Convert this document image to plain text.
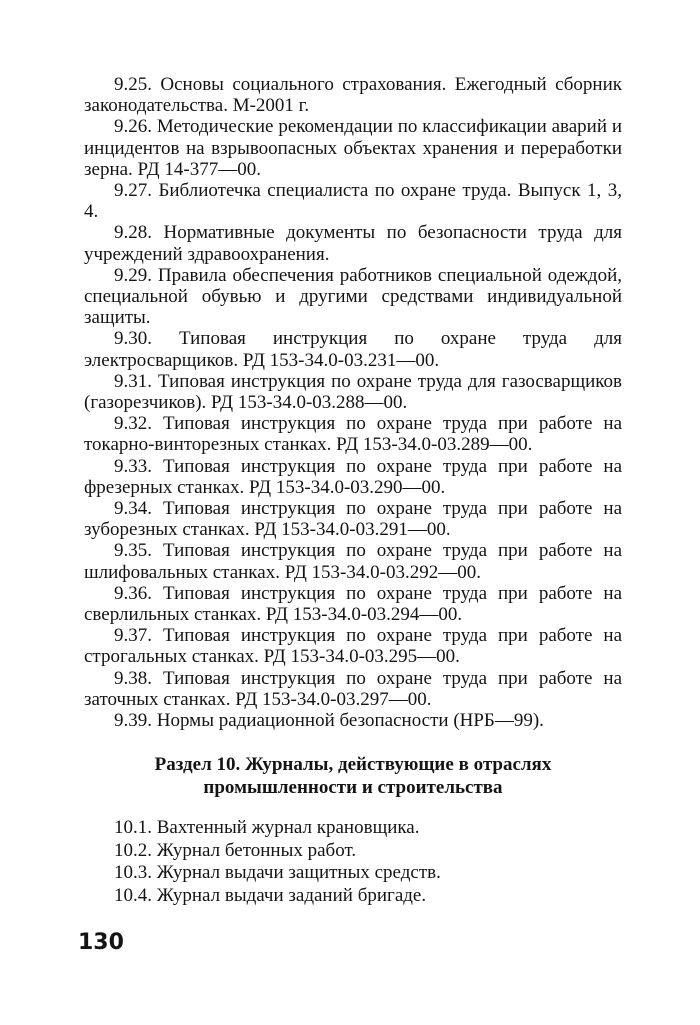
9.25. Основы социального страхования. Ежегодный сборник законодательства. М-2001 г.

9.26. Методические рекомендации по классификации аварий и инцидентов на взрывоопасных объектах хранения и переработки зерна. РД 14-377—00.

9.27. Библиотечка специалиста по охране труда. Выпуск 1, 3, 4.

9.28. Нормативные документы по безопасности труда для учреждений здравоохранения.

9.29. Правила обеспечения работников специальной одеждой, специальной обувью и другими средствами индивидуальной защиты.

9.30. Типовая инструкция по охране труда для электросварщиков. РД 153-34.0-03.231—00.

9.31. Типовая инструкция по охране труда для газосварщиков (газорезчиков). РД 153-34.0-03.288—00.

9.32. Типовая инструкция по охране труда при работе на токарно-винторезных станках. РД 153-34.0-03.289—00.

9.33. Типовая инструкция по охране труда при работе на фрезерных станках. РД 153-34.0-03.290—00.

9.34. Типовая инструкция по охране труда при работе на зуборезных станках. РД 153-34.0-03.291—00.

9.35. Типовая инструкция по охране труда при работе на шлифовальных станках. РД 153-34.0-03.292—00.

9.36. Типовая инструкция по охране труда при работе на сверлильных станках. РД 153-34.0-03.294—00.

9.37. Типовая инструкция по охране труда при работе на строгальных станках. РД 153-34.0-03.295—00.

9.38. Типовая инструкция по охране труда при работе на заточных станках. РД 153-34.0-03.297—00.

9.39. Нормы радиационной безопасности (НРБ—99).

Раздел 10. Журналы, действующие в отраслях
промышленности и строительства

10.1. Вахтенный журнал крановщика.

10.2. Журнал бетонных работ.

10.3. Журнал выдачи защитных средств.

10.4. Журнал выдачи заданий бригаде.

130
